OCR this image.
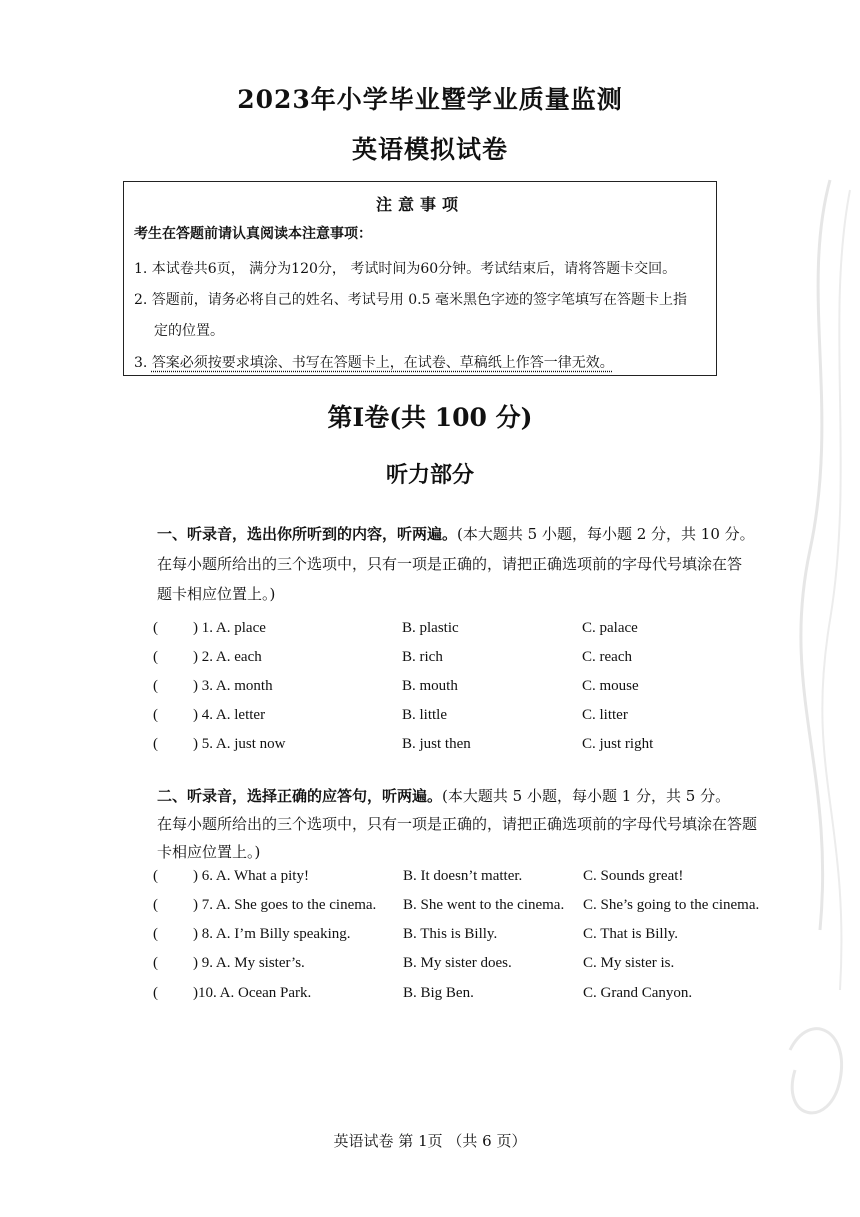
2023年小学毕业暨学业质量监测
英语模拟试卷
注意事项
考生在答题前请认真阅读本注意事项：
1. 本试卷共6页， 满分为120分， 考试时间为60分钟。考试结束后，请将答题卡交回。
2. 答题前，请务必将自己的姓名、考试号用 0.5 毫米黑色字迹的签字笔填写在答题卡上指
定的位置。
3. 答案必须按要求填涂、书写在答题卡上，在试卷、草稿纸上作答一律无效。
第Ⅰ卷(共 100 分)
听力部分
一、听录音，选出你所听到的内容，听两遍。(本大题共 5 小题，每小题 2 分，共 10 分。
在每小题所给出的三个选项中，只有一项是正确的，请把正确选项前的字母代号填涂在答
题卡相应位置上。)
( ) 1. A. place	B. plastic	C. palace
( ) 2. A. each	B. rich	C. reach
( ) 3. A. month	B. mouth	C. mouse
( ) 4. A. letter	B. little	C. litter
( ) 5. A. just now	B. just then	C. just right
二、听录音，选择正确的应答句，听两遍。(本大题共 5 小题，每小题 1 分，共 5 分。
在每小题所给出的三个选项中，只有一项是正确的，请把正确选项前的字母代号填涂在答题
卡相应位置上。)
( ) 6. A. What a pity!	B. It doesn’t matter.	C. Sounds great!
( ) 7. A. She goes to the cinema. B. She went to the cinema. C. She’s going to the cinema.
( ) 8. A. I’m Billy speaking.	B. This is Billy.	C. That is Billy.
( ) 9. A. My sister’s.	B. My sister does.	C. My sister is.
( )10. A. Ocean Park.	B. Big Ben.	C. Grand Canyon.
英语试卷 第 1页 （共 6 页）
